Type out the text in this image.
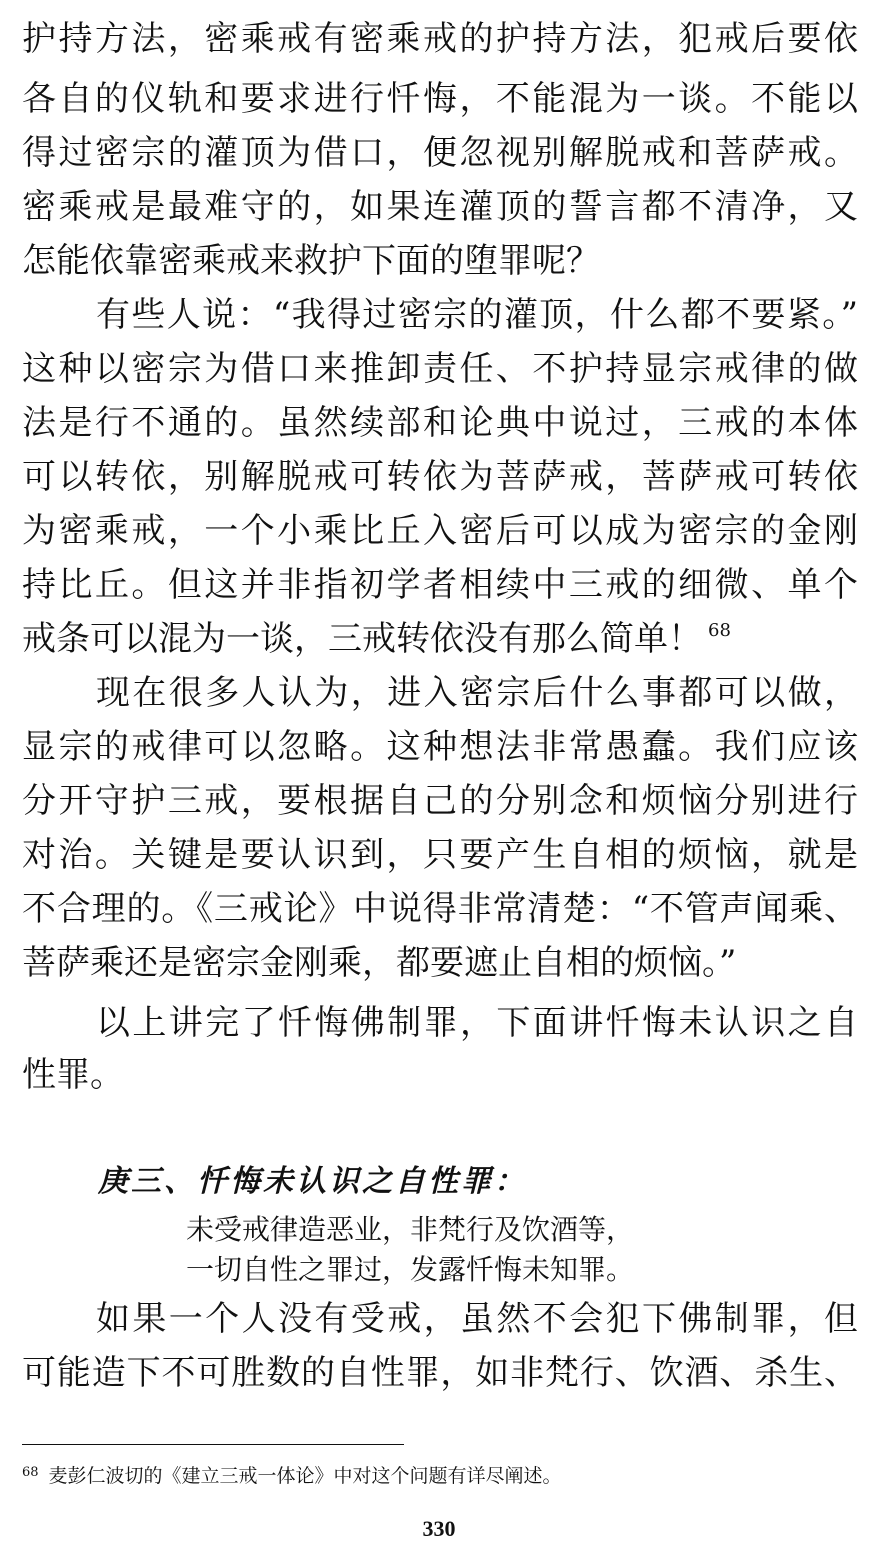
护持方法，密乘戒有密乘戒的护持方法，犯戒后要依
各自的仪轨和要求进行忏悔，不能混为一谈。不能以
得过密宗的灌顶为借口，便忽视别解脱戒和菩萨戒。
密乘戒是最难守的，如果连灌顶的誓言都不清净，又
怎能依靠密乘戒来救护下面的堕罪呢？
有些人说：“我得过密宗的灌顶，什么都不要紧。”
这种以密宗为借口来推卸责任、不护持显宗戒律的做
法是行不通的。虽然续部和论典中说过，三戒的本体
可以转依，别解脱戒可转依为菩萨戒，菩萨戒可转依
为密乘戒，一个小乘比丘入密后可以成为密宗的金刚
持比丘。但这并非指初学者相续中三戒的细微、单个
戒条可以混为一谈，三戒转依没有那么简单！ $^{68}$
现在很多人认为，进入密宗后什么事都可以做，
显宗的戒律可以忽略。这种想法非常愚蠢。我们应该
分开守护三戒，要根据自己的分别念和烦恼分别进行
对治。关键是要认识到，只要产生自相的烦恼，就是
不合理的。《三戒论》中说得非常清楚：“不管声闻乘、
菩萨乘还是密宗金刚乘，都要遮止自相的烦恼。”
以上讲完了忏悔佛制罪，下面讲忏悔未认识之自
性罪。
庚三、忏悔未认识之自性罪：
未受戒律造恶业，非梵行及饮酒等，
一切自性之罪过，发露忏悔未知罪。
如果一个人没有受戒，虽然不会犯下佛制罪，但
可能造下不可胜数的自性罪，如非梵行、饮酒、杀生、
$^{68}$ 麦彭仁波切的《建立三戒一体论》中对这个问题有详尽阐述。
330
